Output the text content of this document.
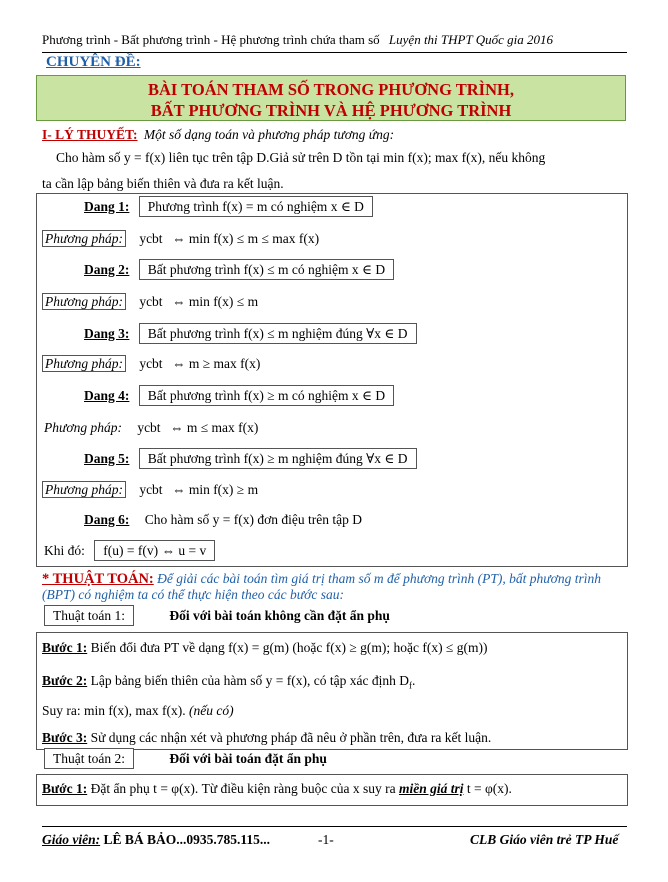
Phương trình - Bất phương trình - Hệ phương trình chứa tham số Luyện thi THPT Quốc gia 2016
CHUYÊN ĐỀ:
BÀI TOÁN THAM SỐ TRONG PHƯƠNG TRÌNH,
BẤT PHƯƠNG TRÌNH VÀ HỆ PHƯƠNG TRÌNH
I- LÝ THUYẾT: Một số dạng toán và phương pháp tương ứng:
Cho hàm số y = f(x) liên tục trên tập D.Giả sử trên D tồn tại min f(x); max f(x), nếu không
ta cần lập bảng biến thiên và đưa ra kết luận.
Dang 1: Phương trình f(x) = m có nghiệm x ∈ D
Phương pháp: ycbt ⇔ min f(x) ≤ m ≤ max f(x)
Dang 2: Bất phương trình f(x) ≤ m có nghiệm x ∈ D
Phương pháp: ycbt ⇔ min f(x) ≤ m
Dang 3: Bất phương trình f(x) ≤ m nghiệm đúng ∀x ∈ D
Phương pháp: ycbt ⇔ m ≥ max f(x)
Dang 4: Bất phương trình f(x) ≥ m có nghiệm x ∈ D
Phương pháp: ycbt ⇔ m ≤ max f(x)
Dang 5: Bất phương trình f(x) ≥ m nghiệm đúng ∀x ∈ D
Phương pháp: ycbt ⇔ min f(x) ≥ m
Dang 6: Cho hàm số y = f(x) đơn điệu trên tập D
Khi đó: f(u) = f(v) ⇔ u = v
* THUẬT TOÁN: Để giải các bài toán tìm giá trị tham số m để phương trình (PT), bất phương trình (BPT) có nghiệm ta có thể thực hiện theo các bước sau:
Thuật toán 1:	Đối với bài toán không cần đặt ẩn phụ
Bước 1: Biến đổi đưa PT về dạng f(x) = g(m) (hoặc f(x) ≥ g(m); hoặc f(x) ≤ g(m))
Bước 2: Lập bảng biến thiên của hàm số y = f(x), có tập xác định $D_f$.
Suy ra: min f(x), max f(x). (nếu có)
Bước 3: Sử dụng các nhận xét và phương pháp đã nêu ở phần trên, đưa ra kết luận.
Thuật toán 2:	Đối với bài toán đặt ẩn phụ
Bước 1: Đặt ẩn phụ t = φ(x). Từ điều kiện ràng buộc của x suy ra miền giá trị t = φ(x).
Giáo viên: LÊ BÁ BẢO...0935.785.115...	-1-	CLB Giáo viên trẻ TP Huế
